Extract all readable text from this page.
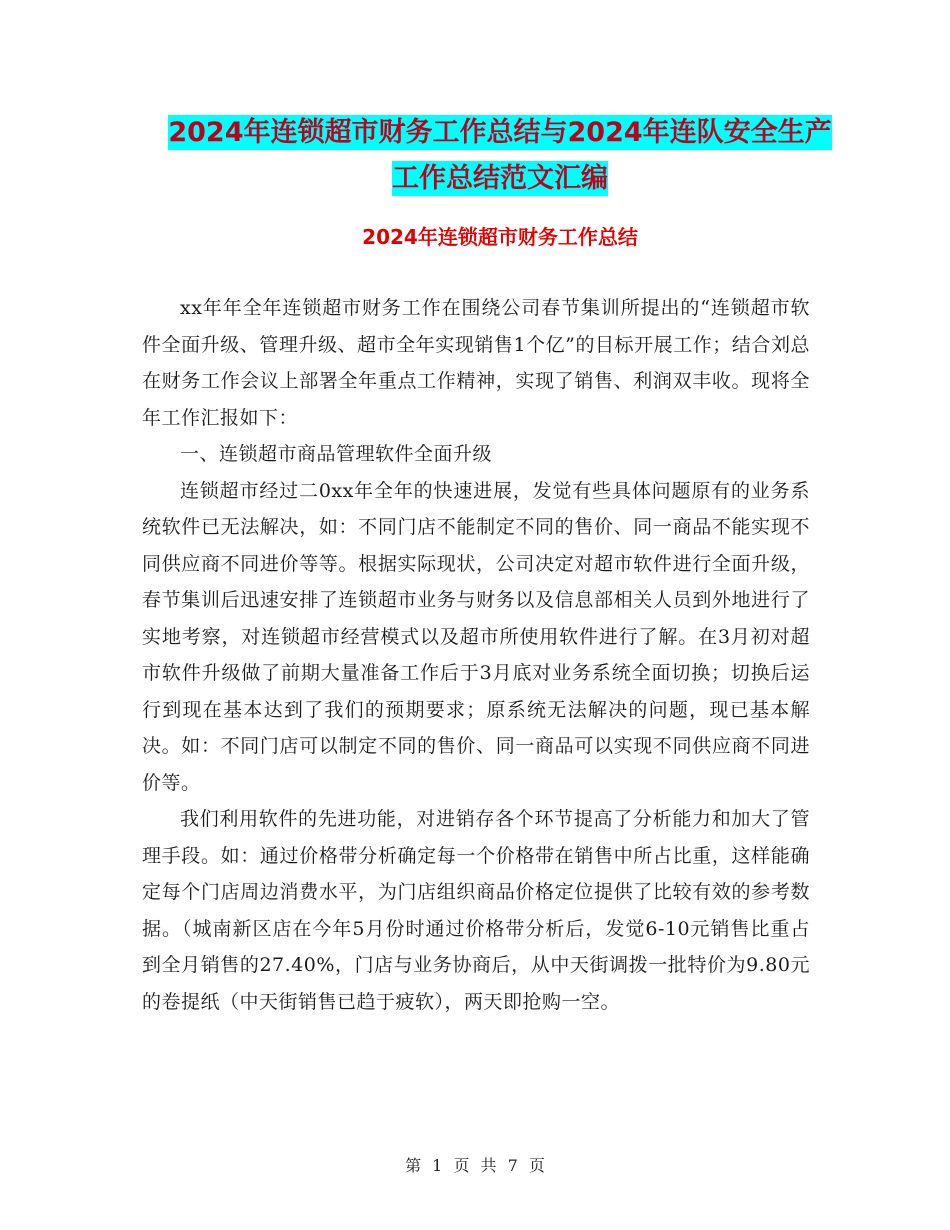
2024年连锁超市财务工作总结与2024年连队安全生产
工作总结范文汇编
2024年连锁超市财务工作总结

xx年年全年连锁超市财务工作在围绕公司春节集训所提出的“连锁超市软件全面升级、管理升级、超市全年实现销售1个亿”的目标开展工作；结合刘总在财务工作会议上部署全年重点工作精神，实现了销售、利润双丰收。现将全年工作汇报如下：

一、连锁超市商品管理软件全面升级

连锁超市经过二0xx年全年的快速进展，发觉有些具体问题原有的业务系统软件已无法解决，如：不同门店不能制定不同的售价、同一商品不能实现不同供应商不同进价等等。根据实际现状，公司决定对超市软件进行全面升级，春节集训后迅速安排了连锁超市业务与财务以及信息部相关人员到外地进行了实地考察，对连锁超市经营模式以及超市所使用软件进行了解。在3月初对超市软件升级做了前期大量准备工作后于3月底对业务系统全面切换；切换后运行到现在基本达到了我们的预期要求；原系统无法解决的问题，现已基本解决。如：不同门店可以制定不同的售价、同一商品可以实现不同供应商不同进价等。

我们利用软件的先进功能，对进销存各个环节提高了分析能力和加大了管理手段。如：通过价格带分析确定每一个价格带在销售中所占比重，这样能确定每个门店周边消费水平，为门店组织商品价格定位提供了比较有效的参考数据。（城南新区店在今年5月份时通过价格带分析后，发觉6-10元销售比重占到全月销售的27.40%，门店与业务协商后，从中天街调拨一批特价为9.80元的卷提纸（中天街销售已趋于疲软），两天即抢购一空。

第 1 页 共 7 页
